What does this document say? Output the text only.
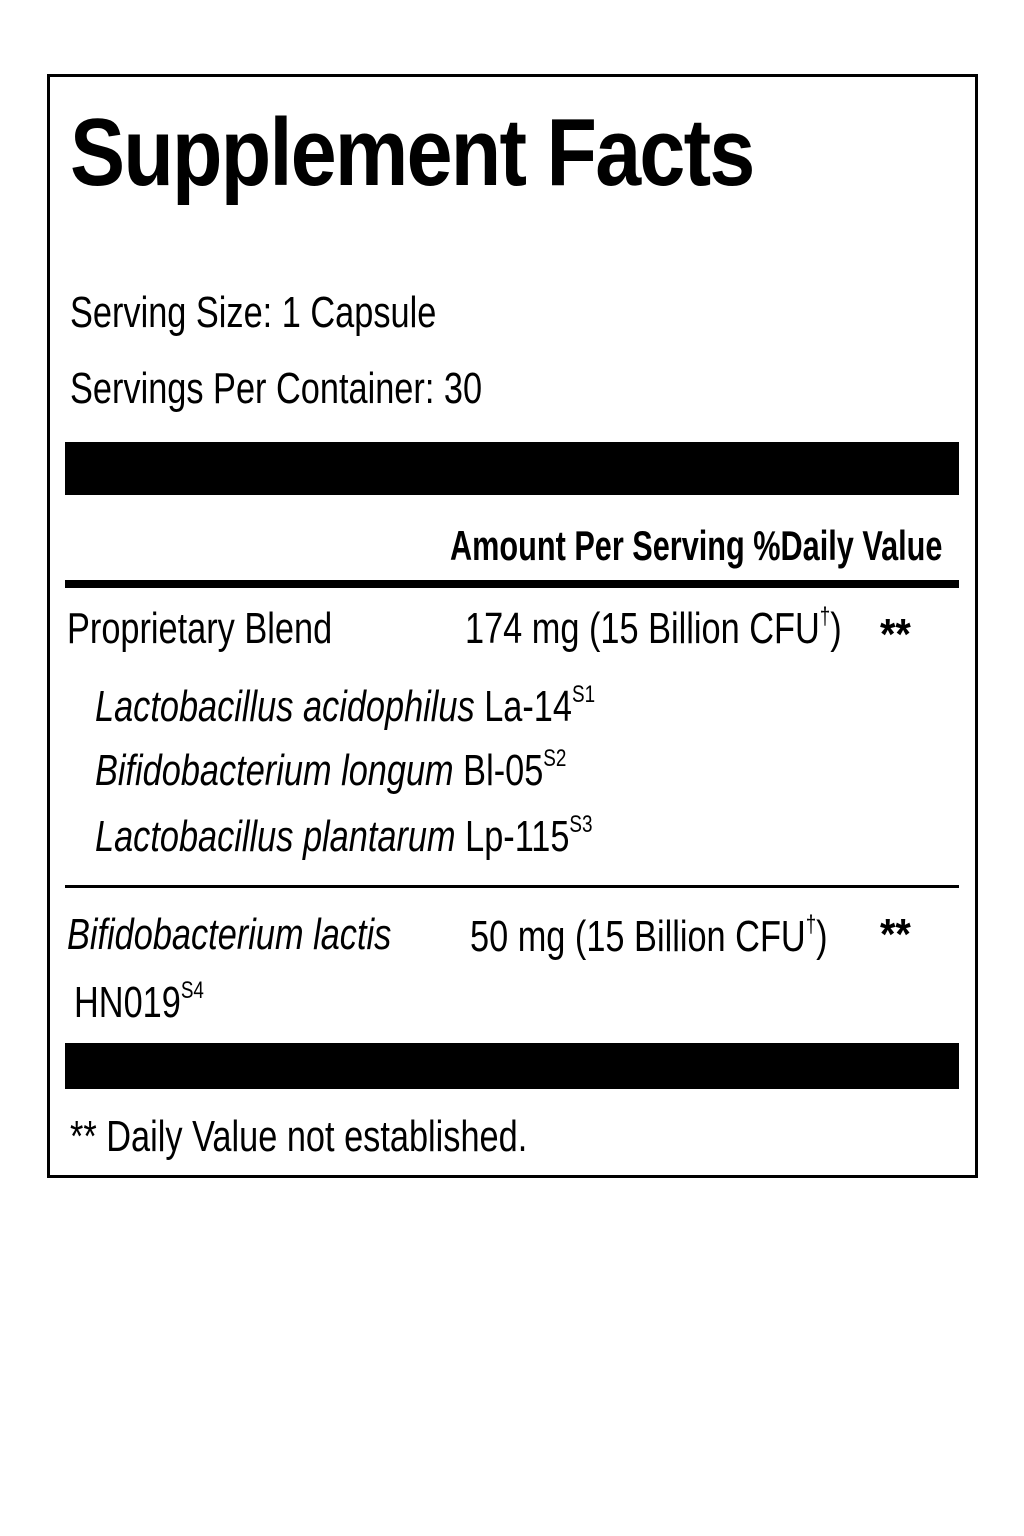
Supplement Facts
Serving Size: 1 Capsule
Servings Per Container: 30
Amount Per Serving %Daily Value
Proprietary Blend	174 mg (15 Billion CFU†) **
Lactobacillus acidophilus $La-14^{S1}$
Bifidobacterium longum $Bl-05^{S2}$
Lactobacillus plantarum $Lp-115^{S3}$
Bifidobacterium lactis
$HN019^{S4}$
50 mg (15 Billion CFU†) **
** Daily Value not established.
